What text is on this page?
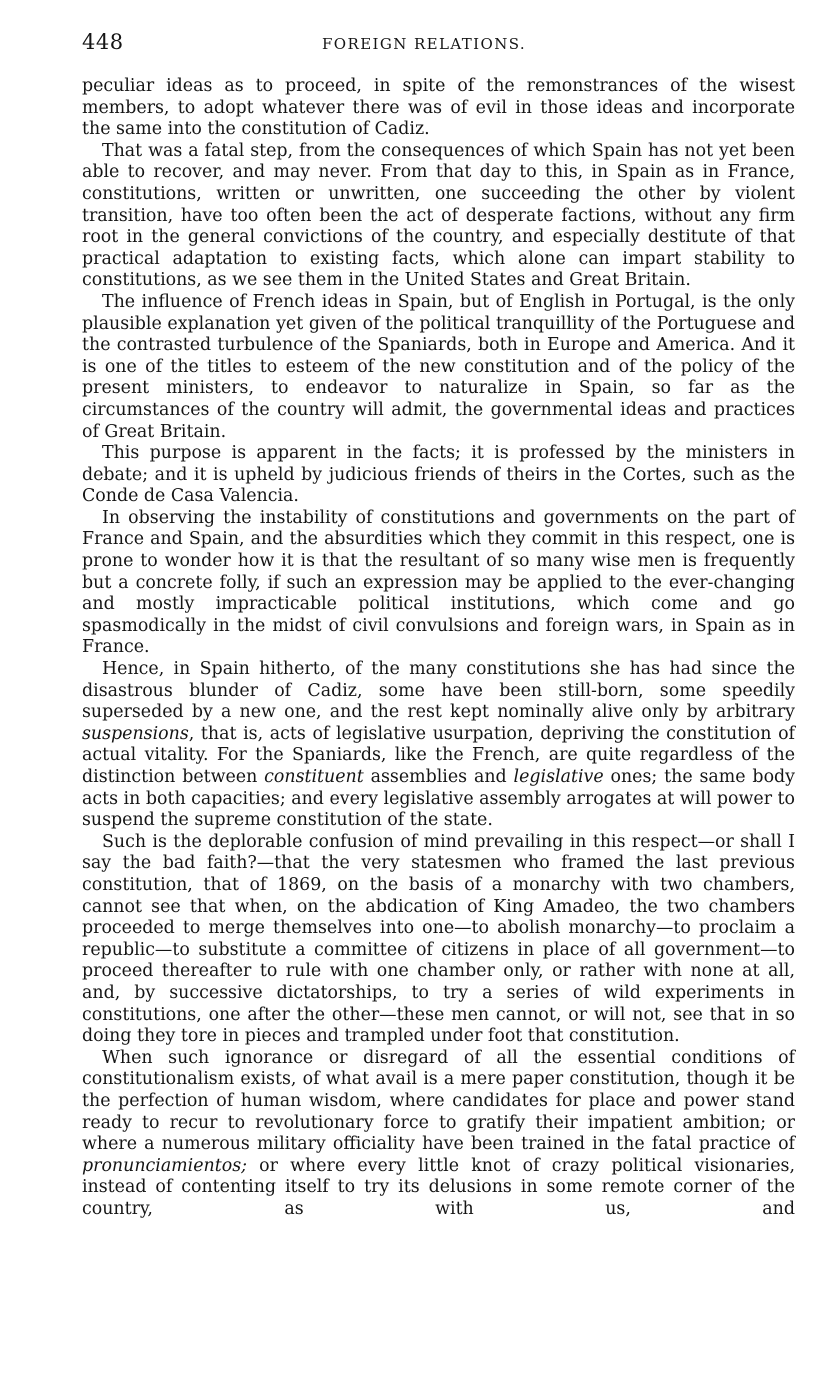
448	FOREIGN RELATIONS.

peculiar ideas as to proceed, in spite of the remonstrances of the wisest members, to adopt whatever there was of evil in those ideas and incorporate the same into the constitution of Cadiz.

That was a fatal step, from the consequences of which Spain has not yet been able to recover, and may never. From that day to this, in Spain as in France, constitutions, written or unwritten, one succeeding the other by violent transition, have too often been the act of desperate factions, without any firm root in the general convictions of the country, and especially destitute of that practical adaptation to existing facts, which alone can impart stability to constitutions, as we see them in the United States and Great Britain.

The influence of French ideas in Spain, but of English in Portugal, is the only plausible explanation yet given of the political tranquillity of the Portuguese and the contrasted turbulence of the Spaniards, both in Europe and America. And it is one of the titles to esteem of the new constitution and of the policy of the present ministers, to endeavor to naturalize in Spain, so far as the circumstances of the country will admit, the governmental ideas and practices of Great Britain.

This purpose is apparent in the facts; it is professed by the ministers in debate; and it is upheld by judicious friends of theirs in the Cortes, such as the Conde de Casa Valencia.

In observing the instability of constitutions and governments on the part of France and Spain, and the absurdities which they commit in this respect, one is prone to wonder how it is that the resultant of so many wise men is frequently but a concrete folly, if such an expression may be applied to the ever-changing and mostly impracticable political institutions, which come and go spasmodically in the midst of civil convulsions and foreign wars, in Spain as in France.

Hence, in Spain hitherto, of the many constitutions she has had since the disastrous blunder of Cadiz, some have been still-born, some speedily superseded by a new one, and the rest kept nominally alive only by arbitrary suspensions, that is, acts of legislative usurpation, depriving the constitution of actual vitality. For the Spaniards, like the French, are quite regardless of the distinction between constituent assemblies and legislative ones; the same body acts in both capacities; and every legislative assembly arrogates at will power to suspend the supreme constitution of the state.

Such is the deplorable confusion of mind prevailing in this respect—or shall I say the bad faith?—that the very statesmen who framed the last previous constitution, that of 1869, on the basis of a monarchy with two chambers, cannot see that when, on the abdication of King Amadeo, the two chambers proceeded to merge themselves into one—to abolish monarchy—to proclaim a republic—to substitute a committee of citizens in place of all government—to proceed thereafter to rule with one chamber only, or rather with none at all, and, by successive dictatorships, to try a series of wild experiments in constitutions, one after the other—these men cannot, or will not, see that in so doing they tore in pieces and trampled under foot that constitution.

When such ignorance or disregard of all the essential conditions of constitutionalism exists, of what avail is a mere paper constitution, though it be the perfection of human wisdom, where candidates for place and power stand ready to recur to revolutionary force to gratify their impatient ambition; or where a numerous military officiality have been trained in the fatal practice of pronunciamientos; or where every little knot of crazy political visionaries, instead of contenting itself to try its delusions in some remote corner of the country, as with us, and
